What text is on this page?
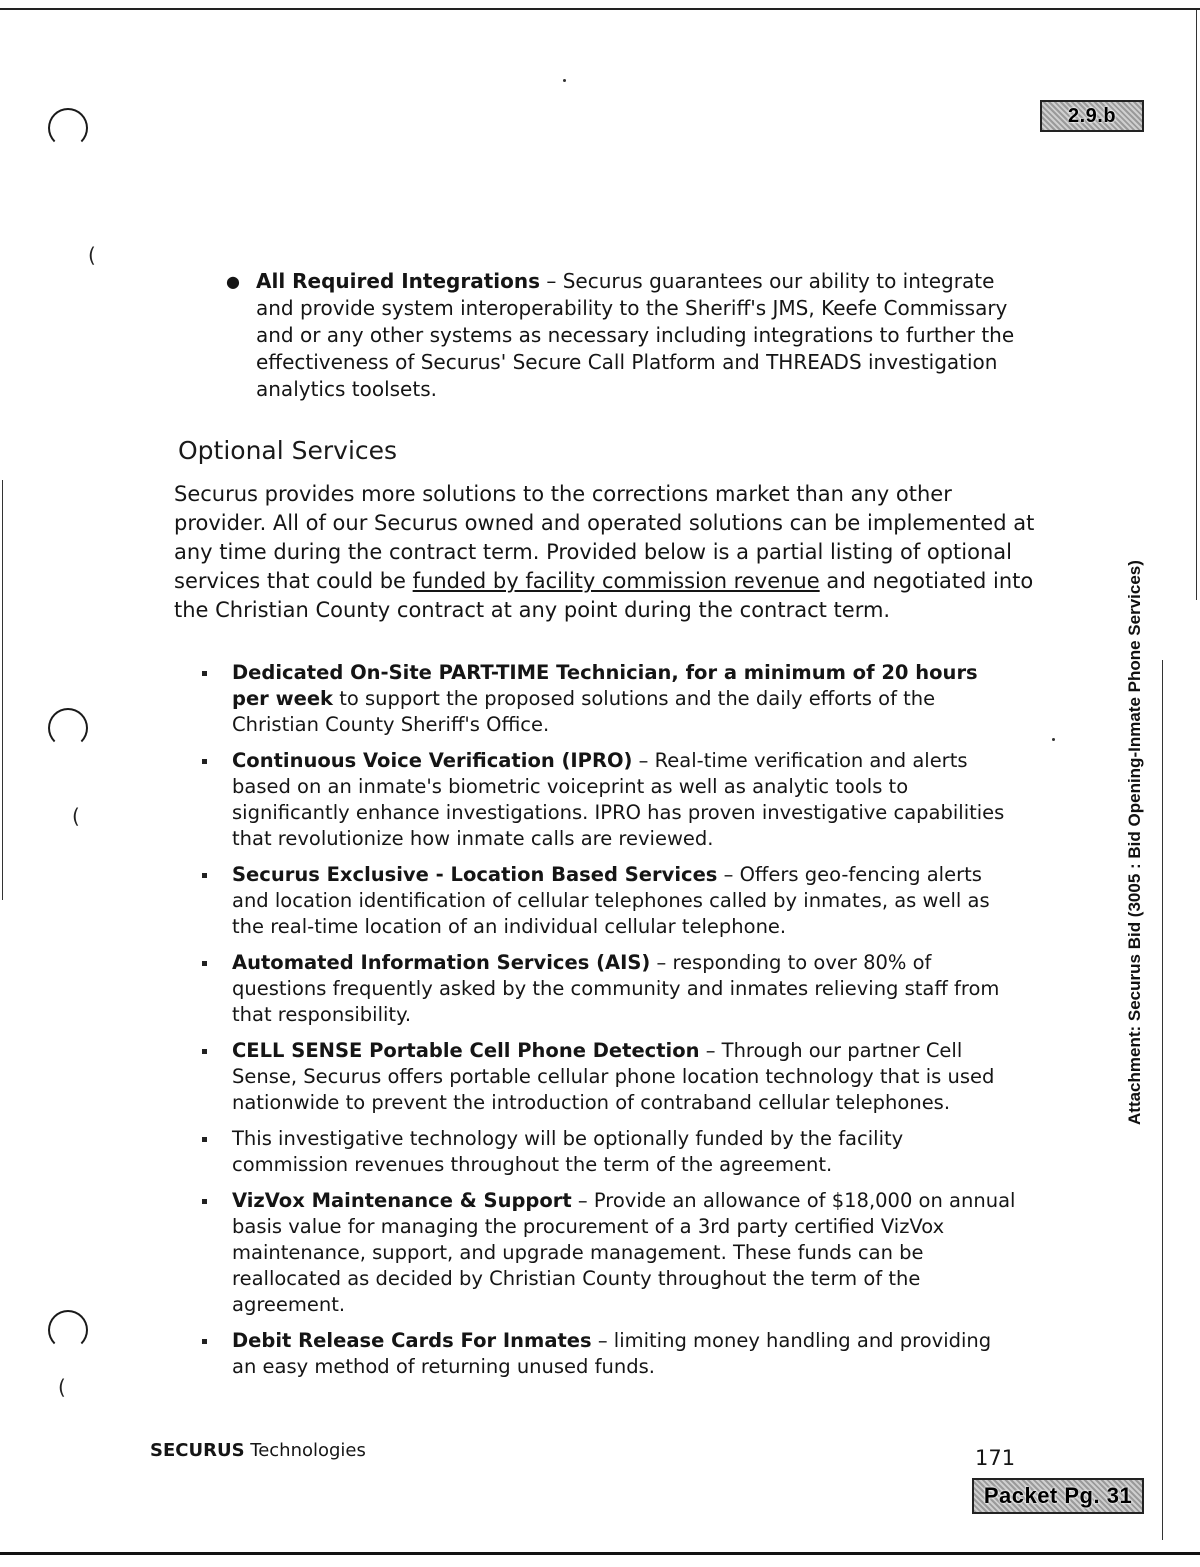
(
(
(
2.9.b
Packet Pg. 31
● All Required Integrations – Securus guarantees our ability to integrate and provide system interoperability to the Sheriff's JMS, Keefe Commissary and or any other systems as necessary including integrations to further the effectiveness of Securus' Secure Call Platform and THREADS investigation analytics toolsets.
Optional Services
Securus provides more solutions to the corrections market than any other provider. All of our Securus owned and operated solutions can be implemented at any time during the contract term. Provided below is a partial listing of optional services that could be funded by facility commission revenue and negotiated into the Christian County contract at any point during the contract term.
Dedicated On-Site PART-TIME Technician, for a minimum of 20 hours per week to support the proposed solutions and the daily efforts of the Christian County Sheriff's Office.
Continuous Voice Verification (IPRO) – Real-time verification and alerts based on an inmate's biometric voiceprint as well as analytic tools to significantly enhance investigations. IPRO has proven investigative capabilities that revolutionize how inmate calls are reviewed.
Securus Exclusive - Location Based Services – Offers geo-fencing alerts and location identification of cellular telephones called by inmates, as well as the real-time location of an individual cellular telephone.
Automated Information Services (AIS) – responding to over 80% of questions frequently asked by the community and inmates relieving staff from that responsibility.
CELL SENSE Portable Cell Phone Detection – Through our partner Cell Sense, Securus offers portable cellular phone location technology that is used nationwide to prevent the introduction of contraband cellular telephones.
This investigative technology will be optionally funded by the facility commission revenues throughout the term of the agreement.
VizVox Maintenance & Support – Provide an allowance of $18,000 on annual basis value for managing the procurement of a 3rd party certified VizVox maintenance, support, and upgrade management. These funds can be reallocated as decided by Christian County throughout the term of the agreement.
Debit Release Cards For Inmates – limiting money handling and providing an easy method of returning unused funds.
Attachment: Securus Bid (3005 : Bid Opening-Inmate Phone Services)
SECURUS Technologies	171
